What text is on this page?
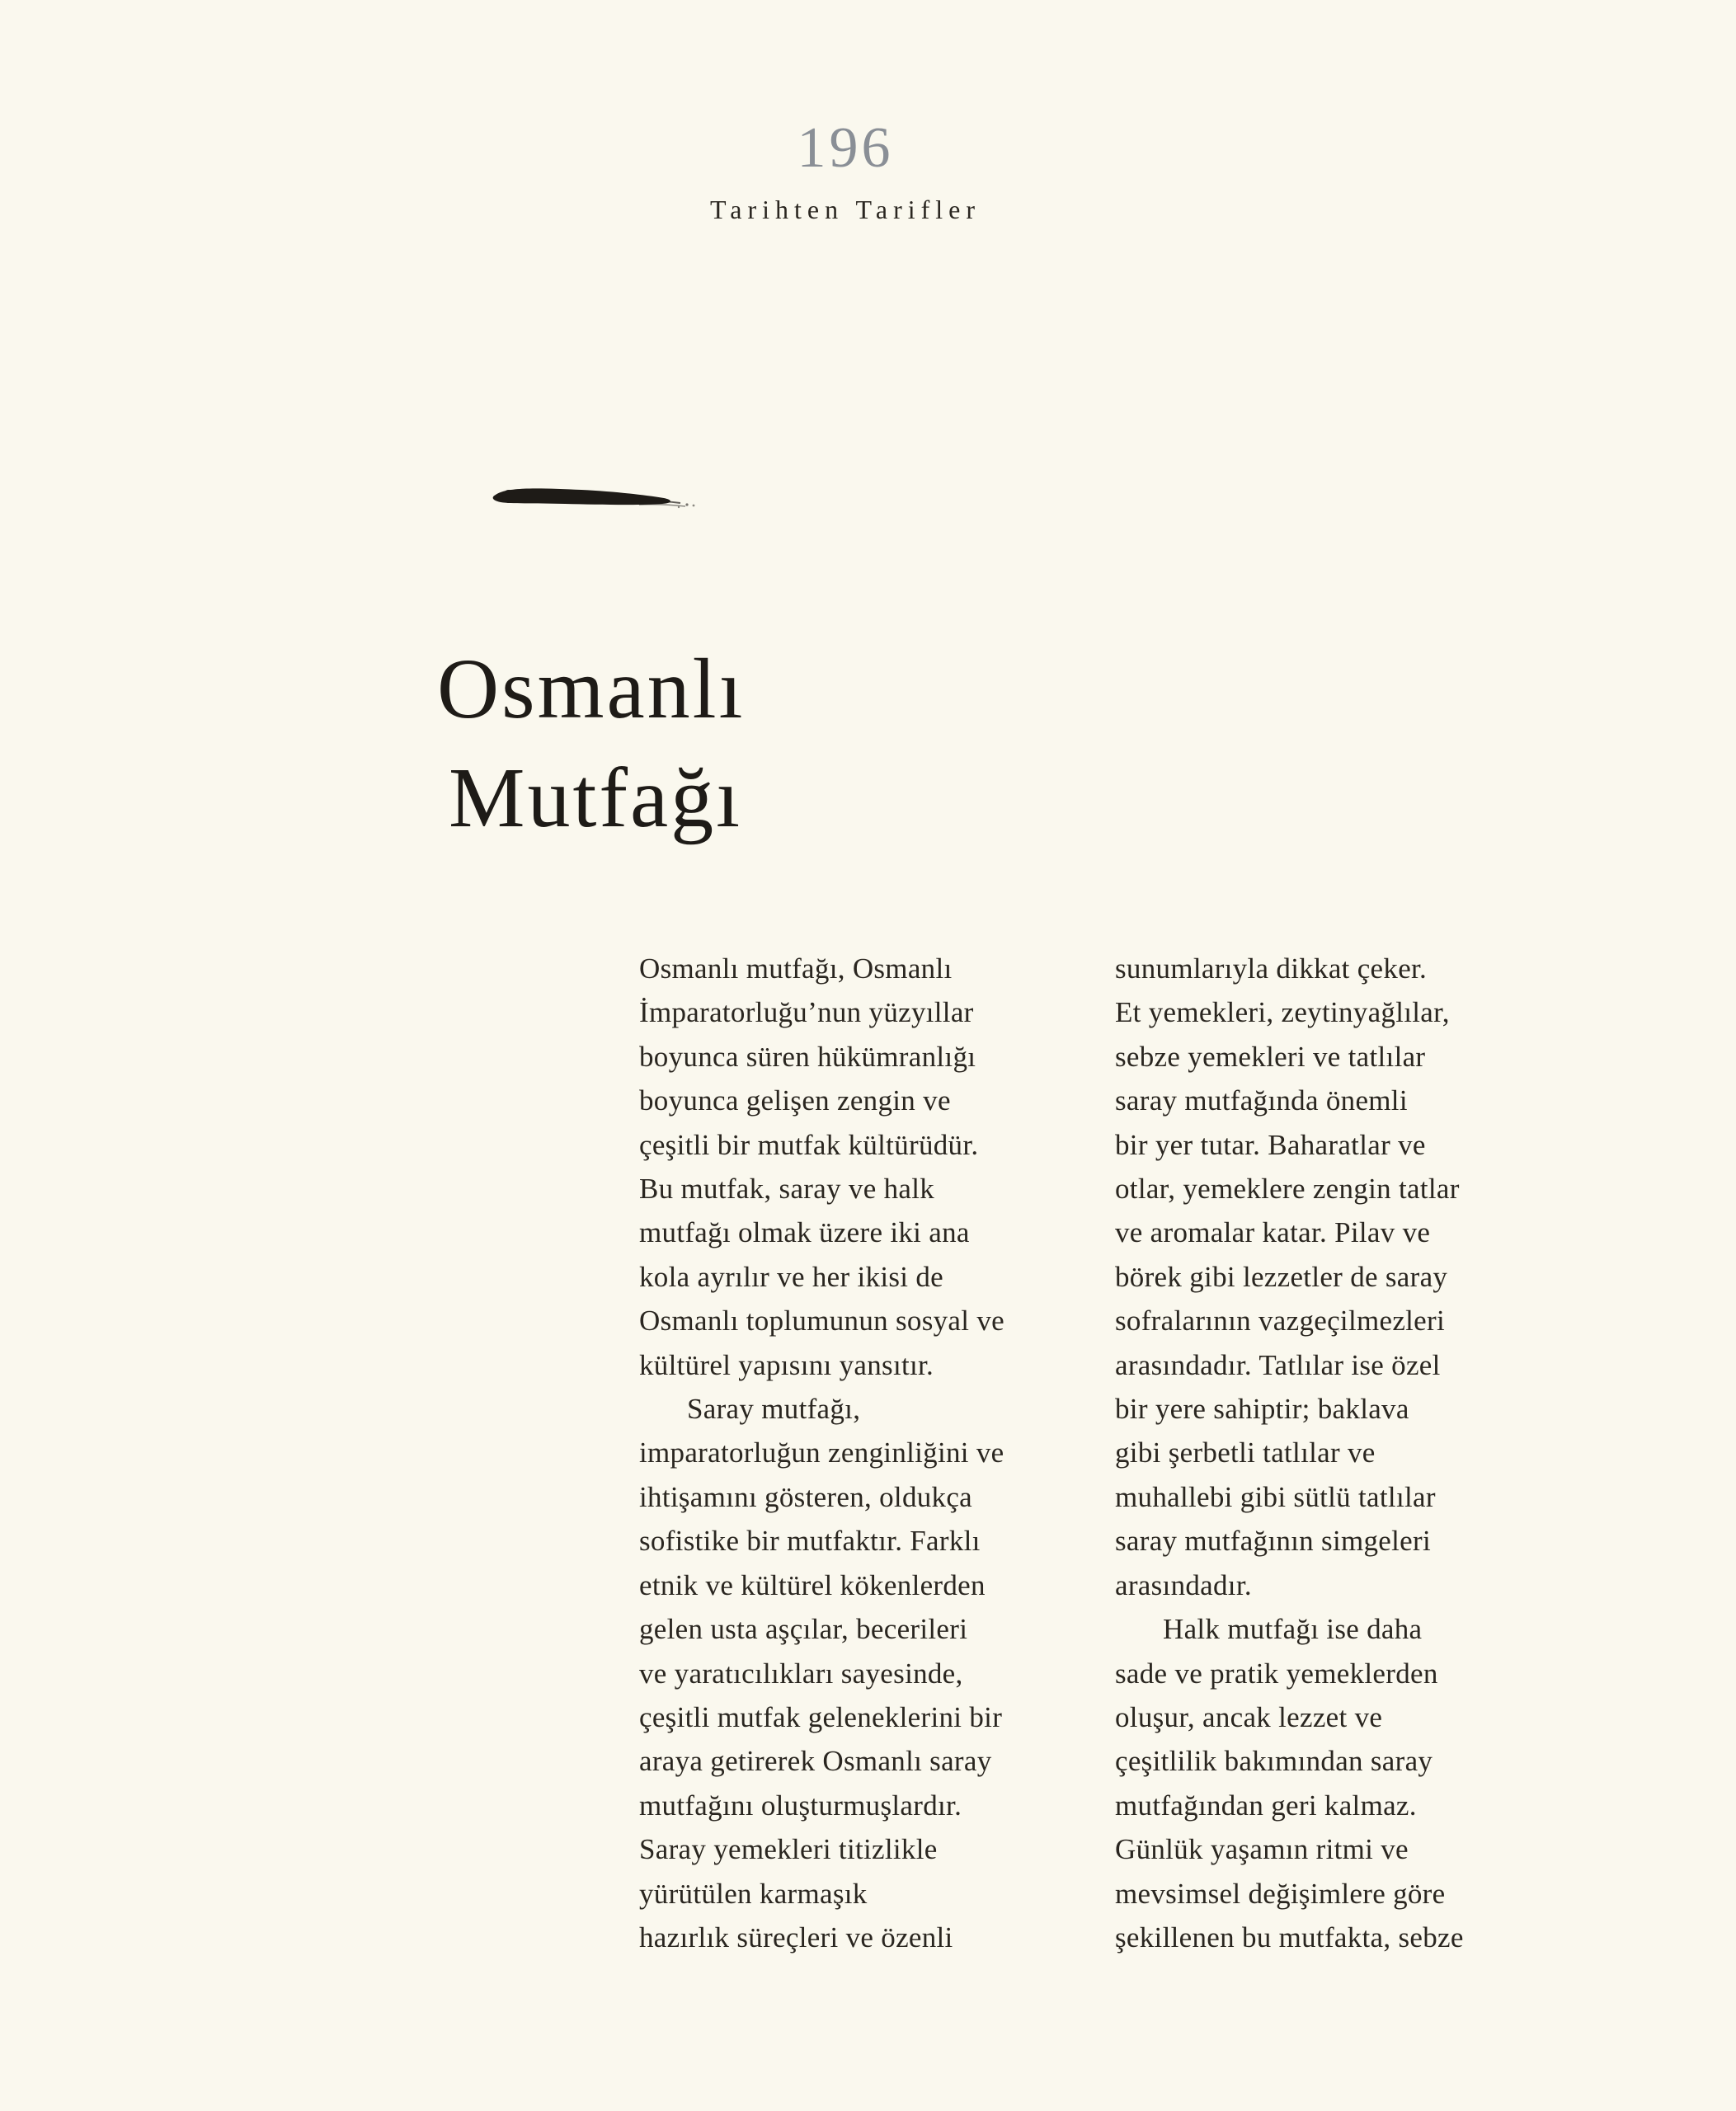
196
Tarihten Tarifler
Osmanlı
Mutfağı
Osmanlı mutfağı, Osmanlı
İmparatorluğu’nun yüzyıllar
boyunca süren hükümranlığı
boyunca gelişen zengin ve
çeşitli bir mutfak kültürüdür.
Bu mutfak, saray ve halk
mutfağı olmak üzere iki ana
kola ayrılır ve her ikisi de
Osmanlı toplumunun sosyal ve
kültürel yapısını yansıtır.
Saray mutfağı,
imparatorluğun zenginliğini ve
ihtişamını gösteren, oldukça
sofistike bir mutfaktır. Farklı
etnik ve kültürel kökenlerden
gelen usta aşçılar, becerileri
ve yaratıcılıkları sayesinde,
çeşitli mutfak geleneklerini bir
araya getirerek Osmanlı saray
mutfağını oluşturmuşlardır.
Saray yemekleri titizlikle
yürütülen karmaşık
hazırlık süreçleri ve özenli
sunumlarıyla dikkat çeker.
Et yemekleri, zeytinyağlılar,
sebze yemekleri ve tatlılar
saray mutfağında önemli
bir yer tutar. Baharatlar ve
otlar, yemeklere zengin tatlar
ve aromalar katar. Pilav ve
börek gibi lezzetler de saray
sofralarının vazgeçilmezleri
arasındadır. Tatlılar ise özel
bir yere sahiptir; baklava
gibi şerbetli tatlılar ve
muhallebi gibi sütlü tatlılar
saray mutfağının simgeleri
arasındadır.
Halk mutfağı ise daha
sade ve pratik yemeklerden
oluşur, ancak lezzet ve
çeşitlilik bakımından saray
mutfağından geri kalmaz.
Günlük yaşamın ritmi ve
mevsimsel değişimlere göre
şekillenen bu mutfakta, sebze
